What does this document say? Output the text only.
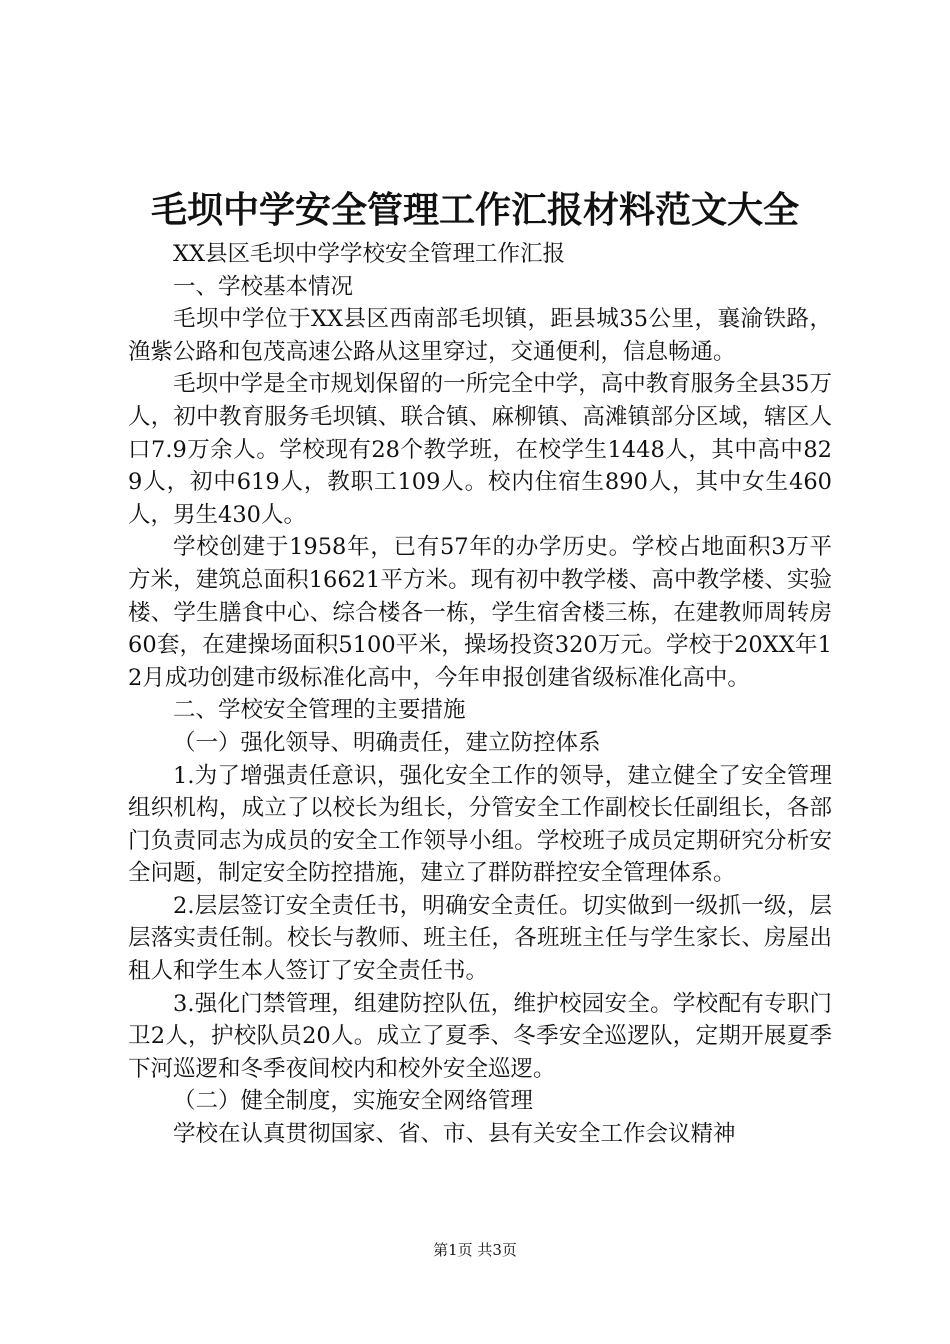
毛坝中学安全管理工作汇报材料范文大全

XX县区毛坝中学学校安全管理工作汇报

一、学校基本情况

毛坝中学位于XX县区西南部毛坝镇，距县城35公里，襄渝铁路，渔紫公路和包茂高速公路从这里穿过，交通便利，信息畅通。

毛坝中学是全市规划保留的一所完全中学，高中教育服务全县35万人，初中教育服务毛坝镇、联合镇、麻柳镇、高滩镇部分区域，辖区人口7.9万余人。学校现有28个教学班，在校学生1448人，其中高中829人，初中619人，教职工109人。校内住宿生890人，其中女生460人，男生430人。

学校创建于1958年，已有57年的办学历史。学校占地面积3万平方米，建筑总面积16621平方米。现有初中教学楼、高中教学楼、实验楼、学生膳食中心、综合楼各一栋，学生宿舍楼三栋，在建教师周转房60套，在建操场面积5100平米，操场投资320万元。学校于20XX年12月成功创建市级标准化高中，今年申报创建省级标准化高中。

二、学校安全管理的主要措施

（一）强化领导、明确责任，建立防控体系

1.为了增强责任意识，强化安全工作的领导，建立健全了安全管理组织机构，成立了以校长为组长，分管安全工作副校长任副组长，各部门负责同志为成员的安全工作领导小组。学校班子成员定期研究分析安全问题，制定安全防控措施，建立了群防群控安全管理体系。

2.层层签订安全责任书，明确安全责任。切实做到一级抓一级，层层落实责任制。校长与教师、班主任，各班班主任与学生家长、房屋出租人和学生本人签订了安全责任书。

3.强化门禁管理，组建防控队伍，维护校园安全。学校配有专职门卫2人，护校队员20人。成立了夏季、冬季安全巡逻队，定期开展夏季下河巡逻和冬季夜间校内和校外安全巡逻。

（二）健全制度，实施安全网络管理

学校在认真贯彻国家、省、市、县有关安全工作会议精神

第1页 共3页
